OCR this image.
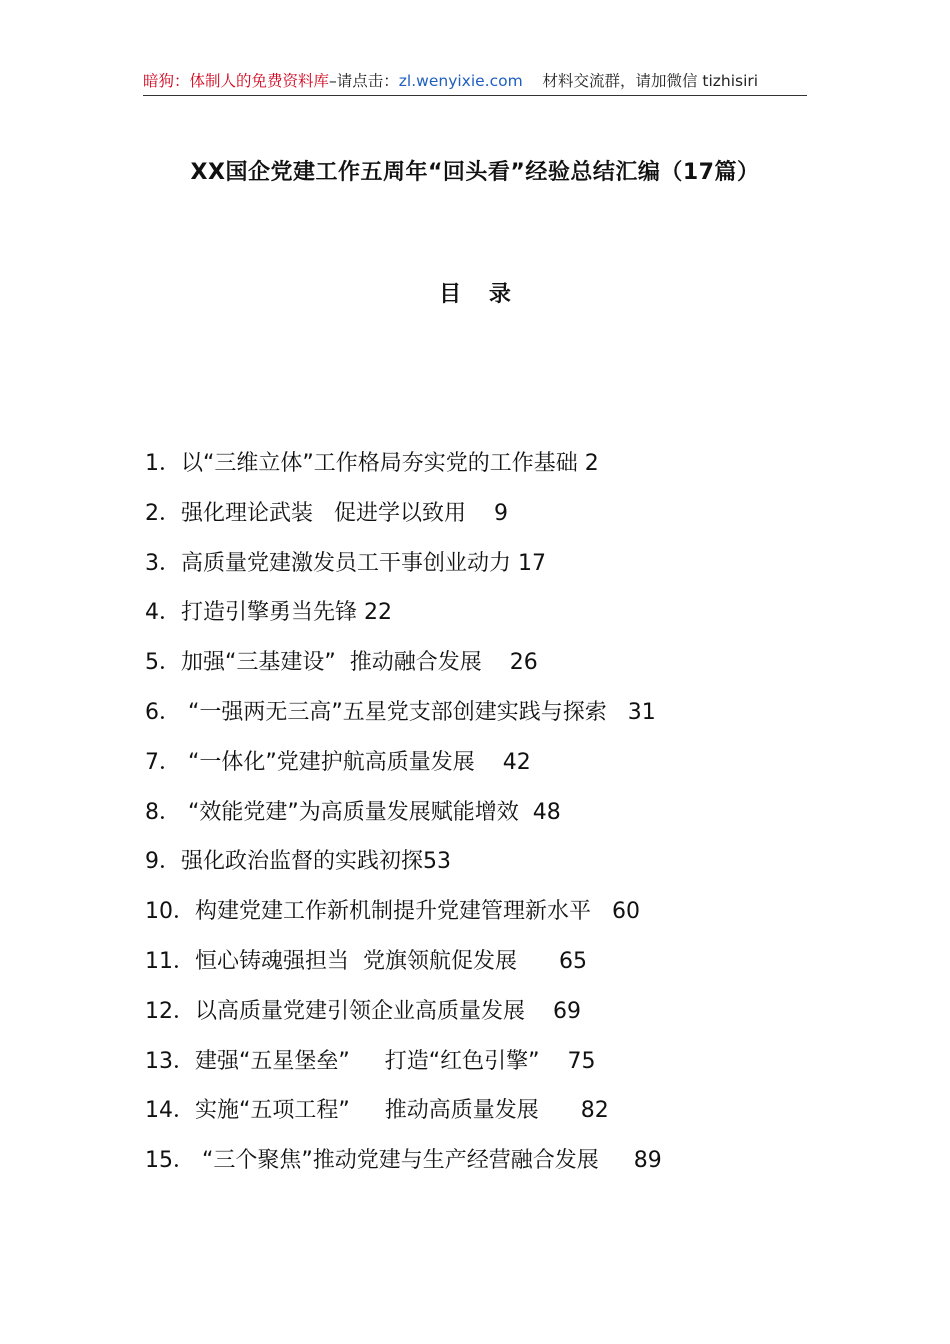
暗狗：体制人的免费资料库–请点击：zl.wenyixie.com 材料交流群，请加微信 tizhisiri
XX国企党建工作五周年“回头看”经验总结汇编（17篇）
目 录
1．以“三维立体”工作格局夯实党的工作基础 2
2．强化理论武装   促进学以致用    9
3．高质量党建激发员工干事创业动力 17
4．打造引擎勇当先锋 22
5．加强“三基建设”  推动融合发展    26
6． “一强两无三高”五星党支部创建实践与探索   31
7． “一体化”党建护航高质量发展    42
8． “效能党建”为高质量发展赋能增效  48
9．强化政治监督的实践初探53
10．构建党建工作新机制提升党建管理新水平   60
11．恒心铸魂强担当  党旗领航促发展      65
12．以高质量党建引领企业高质量发展    69
13．建强“五星堡垒”     打造“红色引擎”    75
14．实施“五项工程”     推动高质量发展      82
15． “三个聚焦”推动党建与生产经营融合发展     89
